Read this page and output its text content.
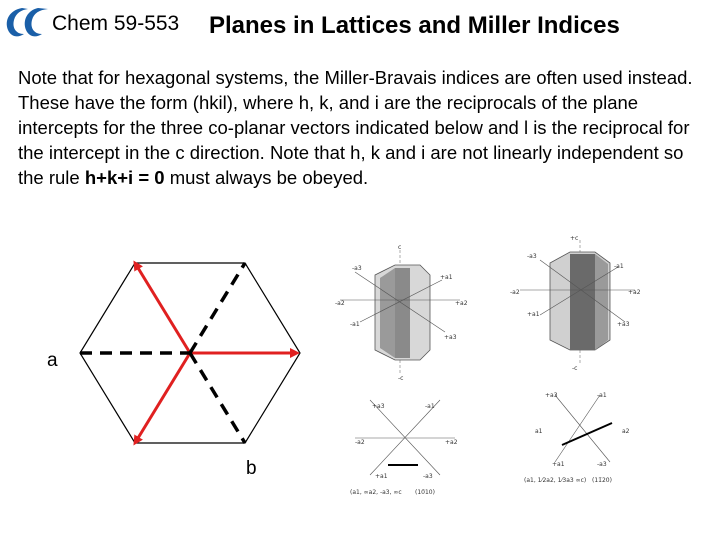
Chem 59-553 Planes in Lattices and Miller Indices

Note that for hexagonal systems, the Miller-Bravais indices are often used instead. These have the form (hkil), where h, k, and i are the reciprocals of the plane intercepts for the three co-planar vectors indicated below and l is the reciprocal for the intercept in the c direction. Note that h, k and i are not linearly independent so the rule h+k+i = 0 must always be obeyed.

a
b
c
-c
-a3
+a1
-a2	+a2
-a1
+a3
+c
-c
-a3
-a1
-a2	+a2
+a1
+a3
+a3	-a1
-a2	+a2
+a1	-a3
(a1, ∞a2, -a3, ∞c (10̄10)
+a3	-a1
a1	a2
+a1	-a3
(a1, 1⁄2a2, 1⁄3a3 ∞c) (11̄20)
